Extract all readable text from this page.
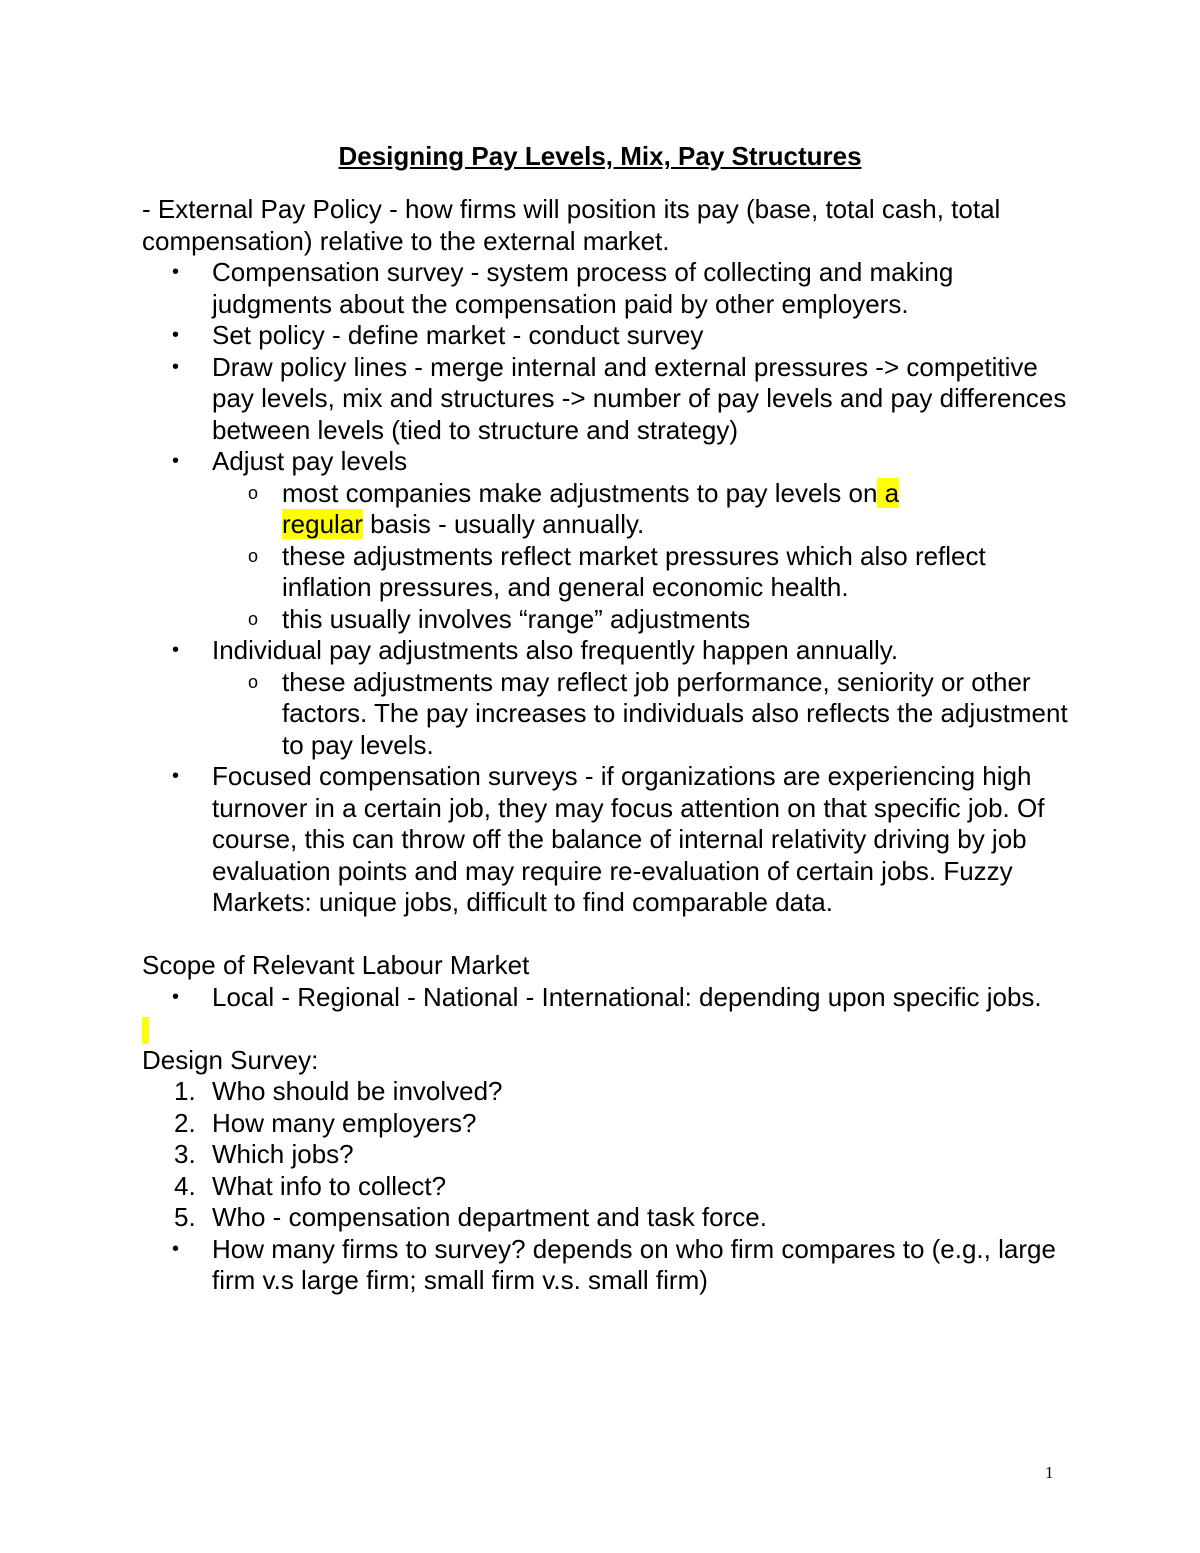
Designing Pay Levels, Mix, Pay Structures

- External Pay Policy - how firms will position its pay (base, total cash, total compensation) relative to the external market.

•	Compensation survey - system process of collecting and making judgments about the compensation paid by other employers.
•	Set policy - define market - conduct survey
•	Draw policy lines - merge internal and external pressures -> competitive pay levels, mix and structures -> number of pay levels and pay differences between levels (tied to structure and strategy)
•	Adjust pay levels
o most companies make adjustments to pay levels on a
regular basis - usually annually.
o these adjustments reflect market pressures which also reflect inflation pressures, and general economic health.
o this usually involves “range” adjustments
•	Individual pay adjustments also frequently happen annually.
o these adjustments may reflect job performance, seniority or other factors. The pay increases to individuals also reflects the adjustment to pay levels.
•	Focused compensation surveys - if organizations are experiencing high turnover in a certain job, they may focus attention on that specific job. Of course, this can throw off the balance of internal relativity driving by job evaluation points and may require re-evaluation of certain jobs. Fuzzy Markets: unique jobs, difficult to find comparable data.

Scope of Relevant Labour Market

•	Local - Regional - National - International: depending upon specific jobs.

Design Survey:

1. Who should be involved?
2. How many employers?
3. Which jobs?
4. What info to collect?
5. Who - compensation department and task force.
•	How many firms to survey? depends on who firm compares to (e.g., large firm v.s large firm; small firm v.s. small firm)
1
